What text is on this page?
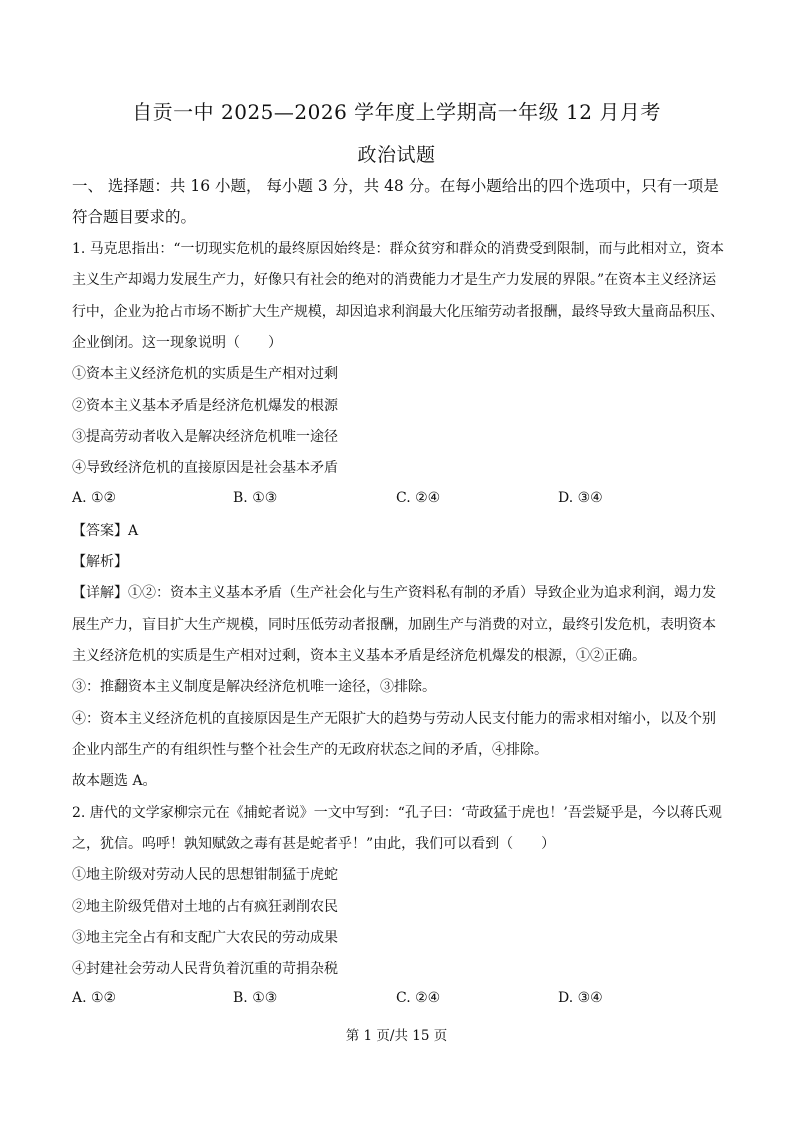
自贡一中 2025—2026 学年度上学期高一年级 12 月月考
政治试题
一、 选择题：共 16 小题， 每小题 3 分，共 48 分。在每小题给出的四个选项中，只有一项是
符合题目要求的。
1. 马克思指出：“一切现实危机的最终原因始终是：群众贫穷和群众的消费受到限制，而与此相对立，资本
主义生产却竭力发展生产力，好像只有社会的绝对的消费能力才是生产力发展的界限。”在资本主义经济运
行中，企业为抢占市场不断扩大生产规模，却因追求利润最大化压缩劳动者报酬，最终导致大量商品积压、
企业倒闭。这一现象说明（　　）
①资本主义经济危机的实质是生产相对过剩
②资本主义基本矛盾是经济危机爆发的根源
③提高劳动者收入是解决经济危机唯一途径
④导致经济危机的直接原因是社会基本矛盾
A. ①②	B. ①③	C. ②④	D. ③④
【答案】A
【解析】
【详解】①②：资本主义基本矛盾（生产社会化与生产资料私有制的矛盾）导致企业为追求利润，竭力发
展生产力，盲目扩大生产规模，同时压低劳动者报酬，加剧生产与消费的对立，最终引发危机，表明资本
主义经济危机的实质是生产相对过剩，资本主义基本矛盾是经济危机爆发的根源，①②正确。
③：推翻资本主义制度是解决经济危机唯一途径，③排除。
④：资本主义经济危机的直接原因是生产无限扩大的趋势与劳动人民支付能力的需求相对缩小，以及个别
企业内部生产的有组织性与整个社会生产的无政府状态之间的矛盾，④排除。
故本题选 A。
2. 唐代的文学家柳宗元在《捕蛇者说》一文中写到：“孔子曰：‘苛政猛于虎也！’吾尝疑乎是，今以蒋氏观
之，犹信。呜呼！孰知赋敛之毒有甚是蛇者乎！”由此，我们可以看到（　　）
①地主阶级对劳动人民的思想钳制猛于虎蛇
②地主阶级凭借对土地的占有疯狂剥削农民
③地主完全占有和支配广大农民的劳动成果
④封建社会劳动人民背负着沉重的苛捐杂税
A. ①②	B. ①③	C. ②④	D. ③④
第 1 页/共 15 页
